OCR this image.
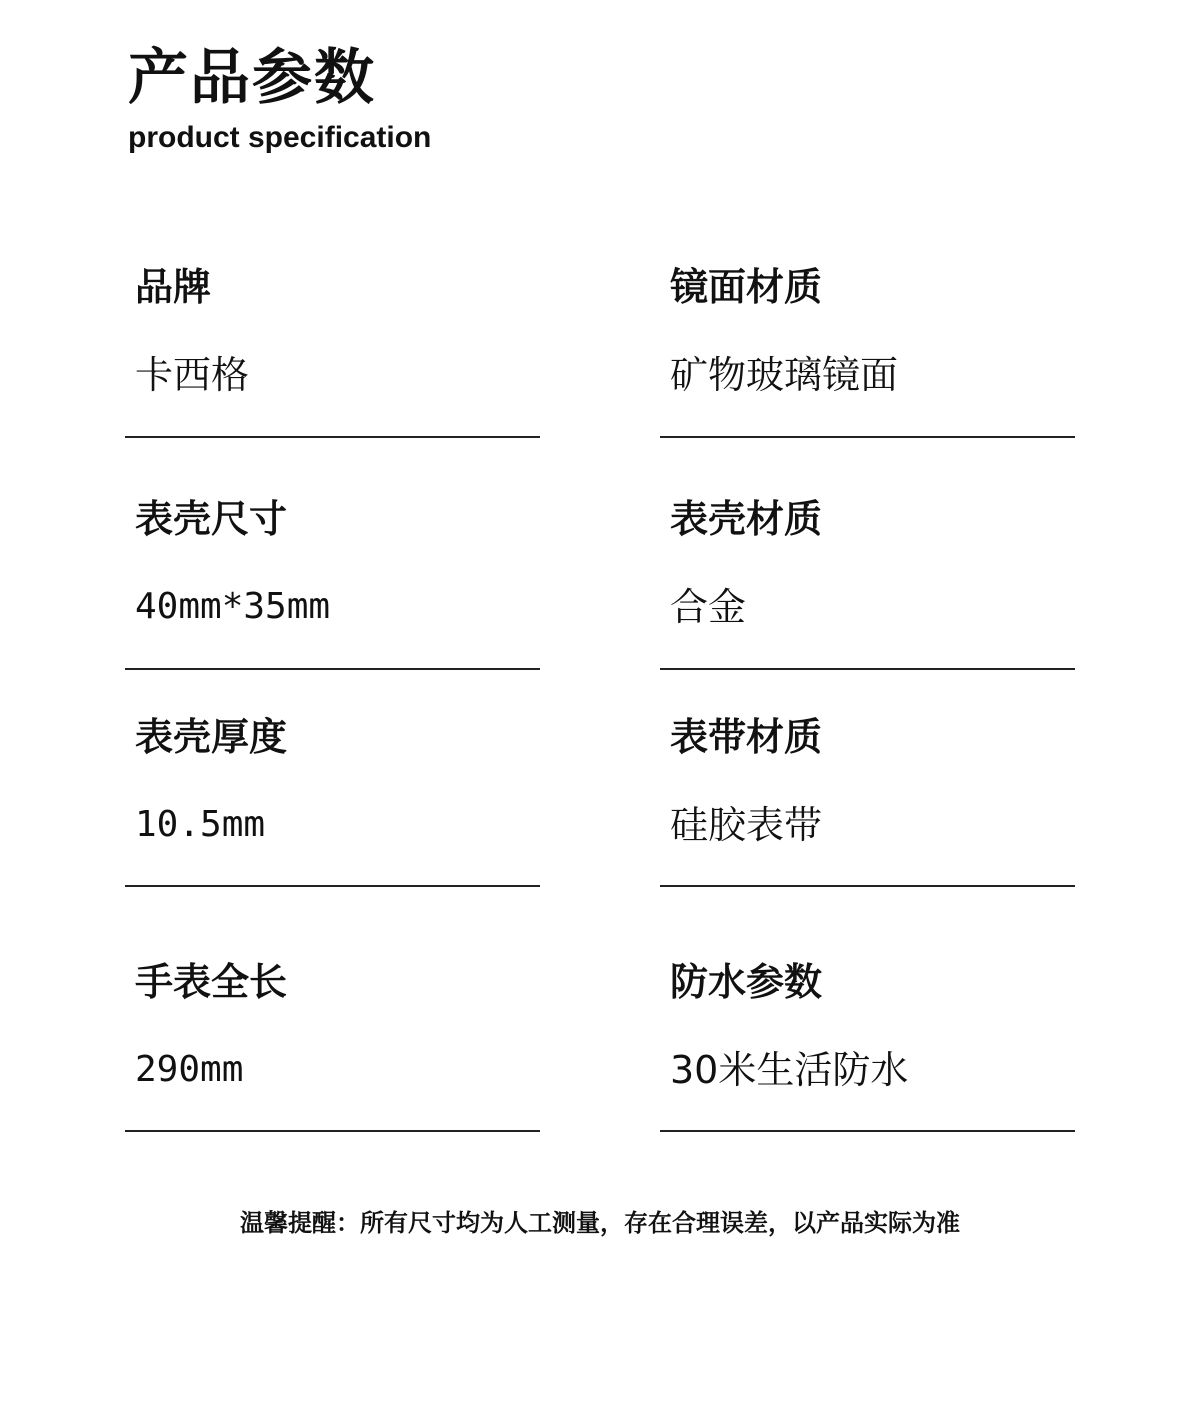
产品参数
product specification
品牌
卡西格
镜面材质
矿物玻璃镜面
表壳尺寸
40mm*35mm
表壳材质
合金
表壳厚度
10.5mm
表带材质
硅胶表带
手表全长
290mm
防水参数
30米生活防水
温馨提醒：所有尺寸均为人工测量，存在合理误差，以产品实际为准
